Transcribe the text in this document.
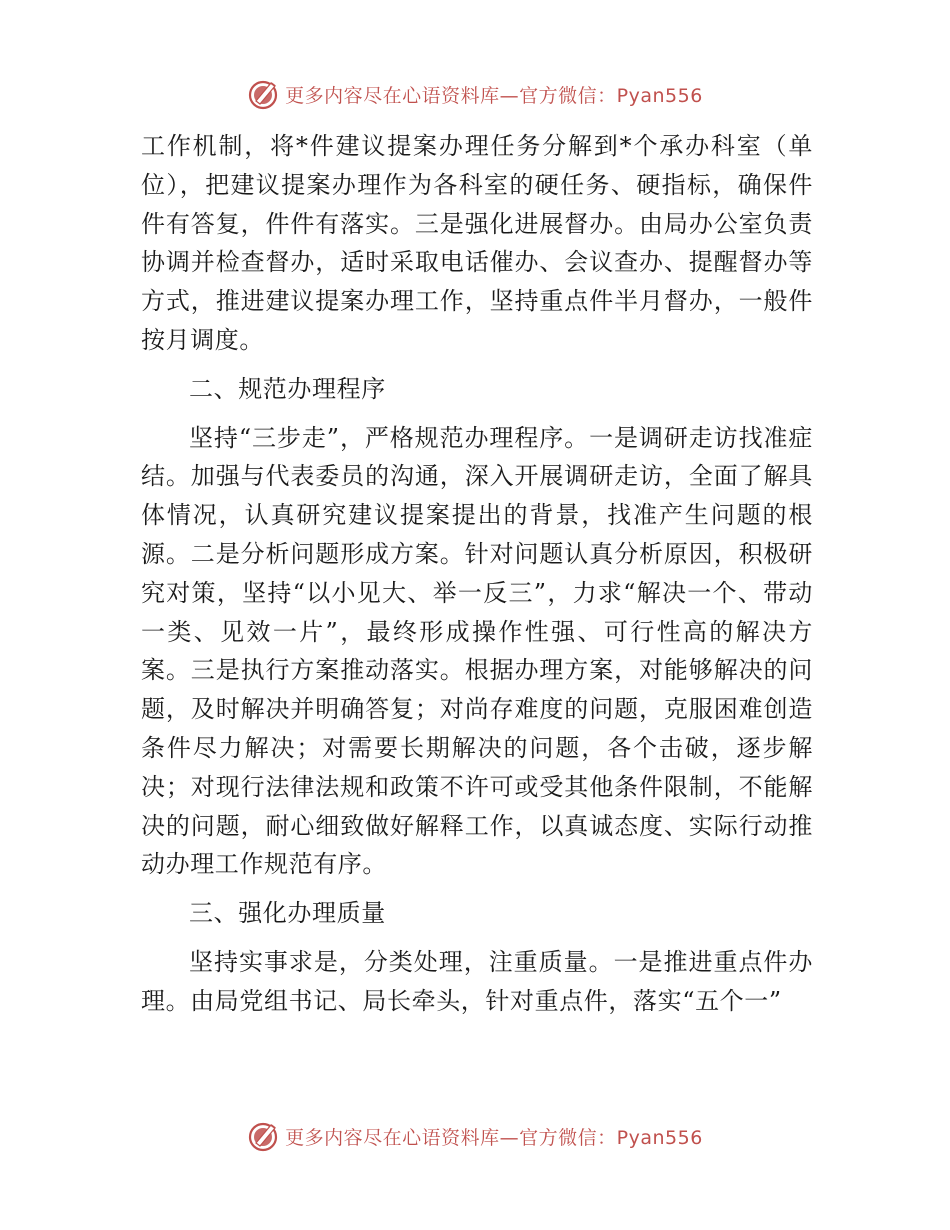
更多内容尽在心语资料库—官方微信：Pyan556

工作机制，将*件建议提案办理任务分解到*个承办科室（单位），把建议提案办理作为各科室的硬任务、硬指标，确保件件有答复，件件有落实。三是强化进展督办。由局办公室负责协调并检查督办，适时采取电话催办、会议查办、提醒督办等方式，推进建议提案办理工作，坚持重点件半月督办，一般件按月调度。

二、规范办理程序

坚持“三步走”，严格规范办理程序。一是调研走访找准症结。加强与代表委员的沟通，深入开展调研走访，全面了解具体情况，认真研究建议提案提出的背景，找准产生问题的根源。二是分析问题形成方案。针对问题认真分析原因，积极研究对策，坚持“以小见大、举一反三”，力求“解决一个、带动一类、见效一片”，最终形成操作性强、可行性高的解决方案。三是执行方案推动落实。根据办理方案，对能够解决的问题，及时解决并明确答复；对尚存难度的问题，克服困难创造条件尽力解决；对需要长期解决的问题，各个击破，逐步解决；对现行法律法规和政策不许可或受其他条件限制，不能解决的问题，耐心细致做好解释工作，以真诚态度、实际行动推动办理工作规范有序。

三、强化办理质量

坚持实事求是，分类处理，注重质量。一是推进重点件办理。由局党组书记、局长牵头，针对重点件，落实“五个一”

更多内容尽在心语资料库—官方微信：Pyan556
